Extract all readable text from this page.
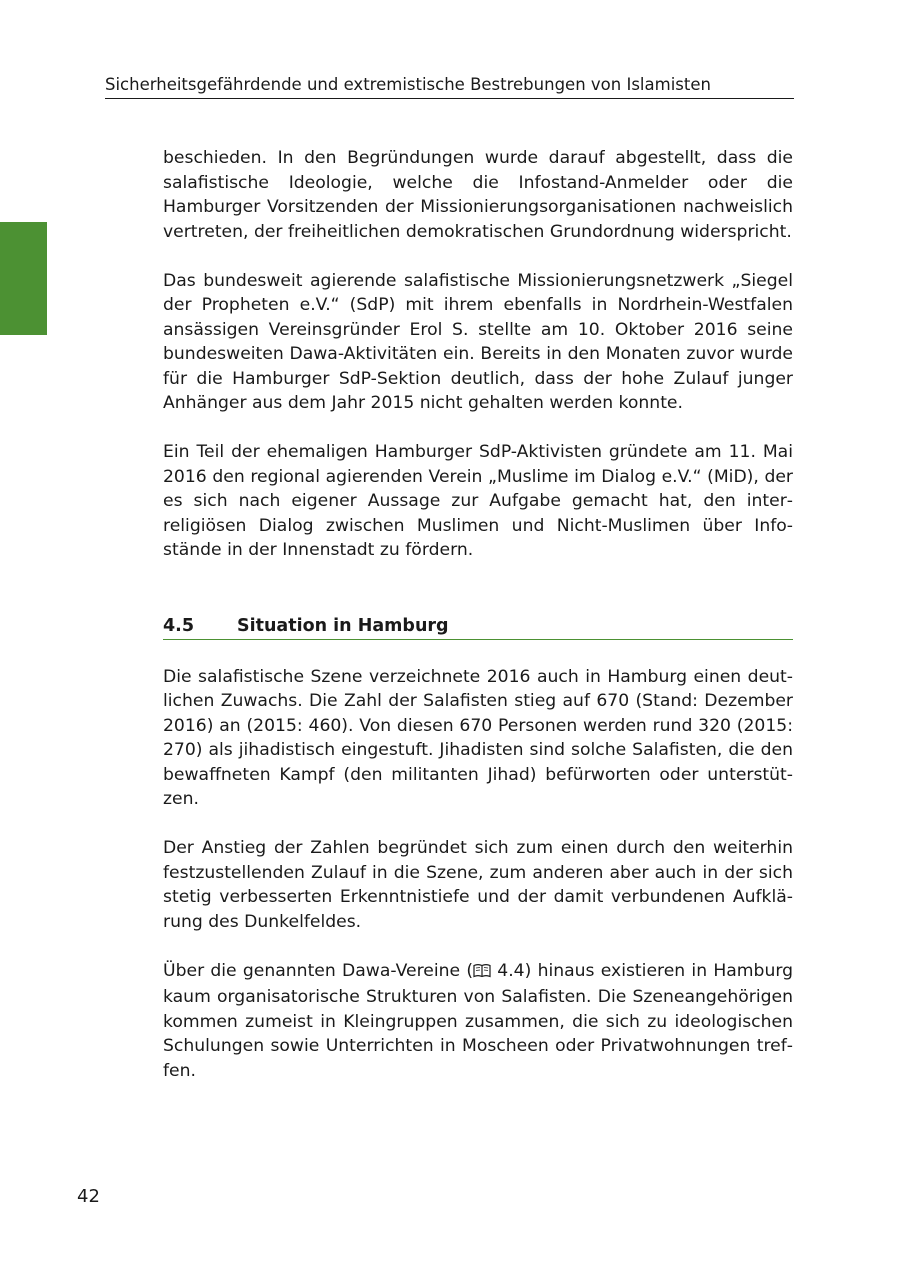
Sicherheitsgefährdende und extremistische Bestrebungen von Islamisten

beschieden. In den Begründungen wurde darauf abgestellt, dass die salafistische Ideologie, welche die Infostand-Anmelder oder die Hamburger Vorsitzenden der Missionierungsorganisationen nachweislich vertreten, der freiheitlichen demokratischen Grundordnung widerspricht.

Das bundesweit agierende salafistische Missionierungsnetzwerk „Siegel der Propheten e.V.“ (SdP) mit ihrem ebenfalls in Nordrhein-Westfalen ansässigen Vereinsgründer Erol S. stellte am 10. Oktober 2016 seine bundesweiten Dawa-Aktivitäten ein. Bereits in den Monaten zuvor wurde für die Hamburger SdP-Sektion deutlich, dass der hohe Zulauf junger Anhänger aus dem Jahr 2015 nicht gehalten werden konnte.

Ein Teil der ehemaligen Hamburger SdP-Aktivisten gründete am 11. Mai 2016 den regional agierenden Verein „Muslime im Dialog e.V.“ (MiD), der es sich nach eigener Aussage zur Aufgabe gemacht hat, den interreligiösen Dialog zwischen Muslimen und Nicht-Muslimen über Infostände in der Innenstadt zu fördern.

4.5	Situation in Hamburg

Die salafistische Szene verzeichnete 2016 auch in Hamburg einen deutlichen Zuwachs. Die Zahl der Salafisten stieg auf 670 (Stand: Dezember 2016) an (2015: 460). Von diesen 670 Personen werden rund 320 (2015: 270) als jihadistisch eingestuft. Jihadisten sind solche Salafisten, die den bewaffneten Kampf (den militanten Jihad) befürworten oder unterstützen.

Der Anstieg der Zahlen begründet sich zum einen durch den weiterhin festzustellenden Zulauf in die Szene, zum anderen aber auch in der sich stetig verbesserten Erkenntnistiefe und der damit verbundenen Aufklärung des Dunkelfeldes.

Über die genannten Dawa-Vereine ( 4.4) hinaus existieren in Hamburg kaum organisatorische Strukturen von Salafisten. Die Szeneangehörigen kommen zumeist in Kleingruppen zusammen, die sich zu ideologischen Schulungen sowie Unterrichten in Moscheen oder Privatwohnungen treffen.

42
